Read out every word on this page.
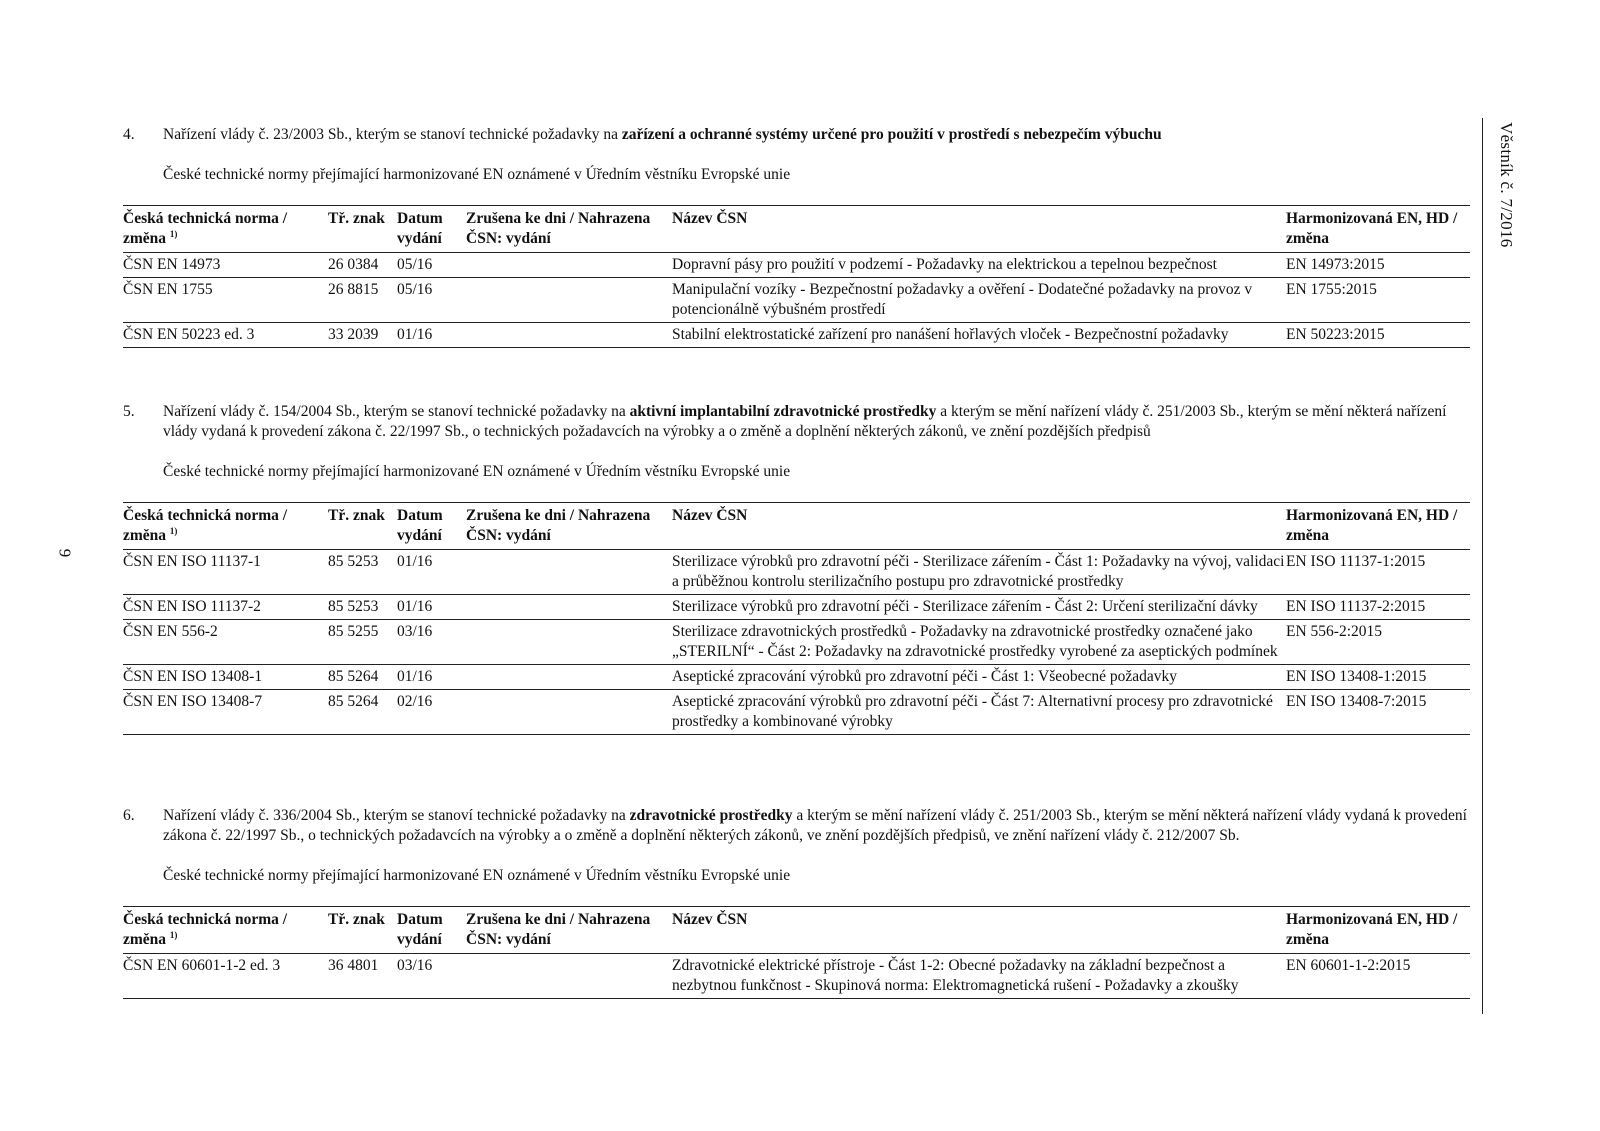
Věstník č. 7/2016
9
4. Nařízení vlády č. 23/2003 Sb., kterým se stanoví technické požadavky na zařízení a ochranné systémy určené pro použití v prostředí s nebezpečím výbuchu
České technické normy přejímající harmonizované EN oznámené v Úředním věstníku Evropské unie
Česká technická norma / změna $^{1)}$	Tř. znak	Datum vydání	Zrušena ke dni / Nahrazena ČSN: vydání	Název ČSN	Harmonizovaná EN, HD / změna
ČSN EN 14973	26 0384	05/16		Dopravní pásy pro použití v podzemí - Požadavky na elektrickou a tepelnou bezpečnost	EN 14973:2015
ČSN EN 1755	26 8815	05/16		Manipulační vozíky - Bezpečnostní požadavky a ověření - Dodatečné požadavky na provoz v potencionálně výbušném prostředí	EN 1755:2015
ČSN EN 50223 ed. 3	33 2039	01/16		Stabilní elektrostatické zařízení pro nanášení hořlavých vloček - Bezpečnostní požadavky	EN 50223:2015
5. Nařízení vlády č. 154/2004 Sb., kterým se stanoví technické požadavky na aktivní implantabilní zdravotnické prostředky a kterým se mění nařízení vlády č. 251/2003 Sb., kterým se mění některá nařízení vlády vydaná k provedení zákona č. 22/1997 Sb., o technických požadavcích na výrobky a o změně a doplnění některých zákonů, ve znění pozdějších předpisů
České technické normy přejímající harmonizované EN oznámené v Úředním věstníku Evropské unie
Česká technická norma / změna $^{1)}$	Tř. znak	Datum vydání	Zrušena ke dni / Nahrazena ČSN: vydání	Název ČSN	Harmonizovaná EN, HD / změna
ČSN EN ISO 11137-1	85 5253	01/16		Sterilizace výrobků pro zdravotní péči - Sterilizace zářením - Část 1: Požadavky na vývoj, validaci a průběžnou kontrolu sterilizačního postupu pro zdravotnické prostředky	EN ISO 11137-1:2015
ČSN EN ISO 11137-2	85 5253	01/16		Sterilizace výrobků pro zdravotní péči - Sterilizace zářením - Část 2: Určení sterilizační dávky	EN ISO 11137-2:2015
ČSN EN 556-2	85 5255	03/16		Sterilizace zdravotnických prostředků - Požadavky na zdravotnické prostředky označené jako „STERILNÍ“ - Část 2: Požadavky na zdravotnické prostředky vyrobené za aseptických podmínek	EN 556-2:2015
ČSN EN ISO 13408-1	85 5264	01/16		Aseptické zpracování výrobků pro zdravotní péči - Část 1: Všeobecné požadavky	EN ISO 13408-1:2015
ČSN EN ISO 13408-7	85 5264	02/16		Aseptické zpracování výrobků pro zdravotní péči - Část 7: Alternativní procesy pro zdravotnické prostředky a kombinované výrobky	EN ISO 13408-7:2015
6. Nařízení vlády č. 336/2004 Sb., kterým se stanoví technické požadavky na zdravotnické prostředky a kterým se mění nařízení vlády č. 251/2003 Sb., kterým se mění některá nařízení vlády vydaná k provedení zákona č. 22/1997 Sb., o technických požadavcích na výrobky a o změně a doplnění některých zákonů, ve znění pozdějších předpisů, ve znění nařízení vlády č. 212/2007 Sb.
České technické normy přejímající harmonizované EN oznámené v Úředním věstníku Evropské unie
Česká technická norma / změna $^{1)}$	Tř. znak	Datum vydání	Zrušena ke dni / Nahrazena ČSN: vydání	Název ČSN	Harmonizovaná EN, HD / změna
ČSN EN 60601-1-2 ed. 3	36 4801	03/16		Zdravotnické elektrické přístroje - Část 1-2: Obecné požadavky na základní bezpečnost a nezbytnou funkčnost - Skupinová norma: Elektromagnetická rušení - Požadavky a zkoušky	EN 60601-1-2:2015
